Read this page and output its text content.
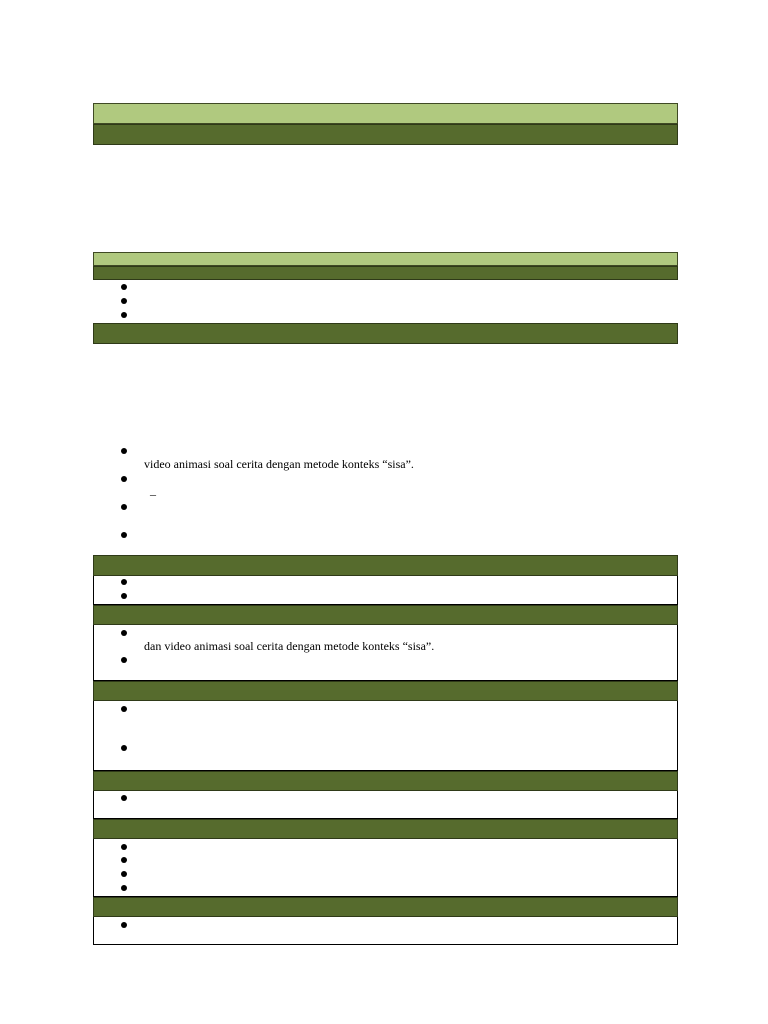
video animasi soal cerita dengan metode konteks “sisa”.
_
dan video animasi soal cerita dengan metode konteks “sisa”.
